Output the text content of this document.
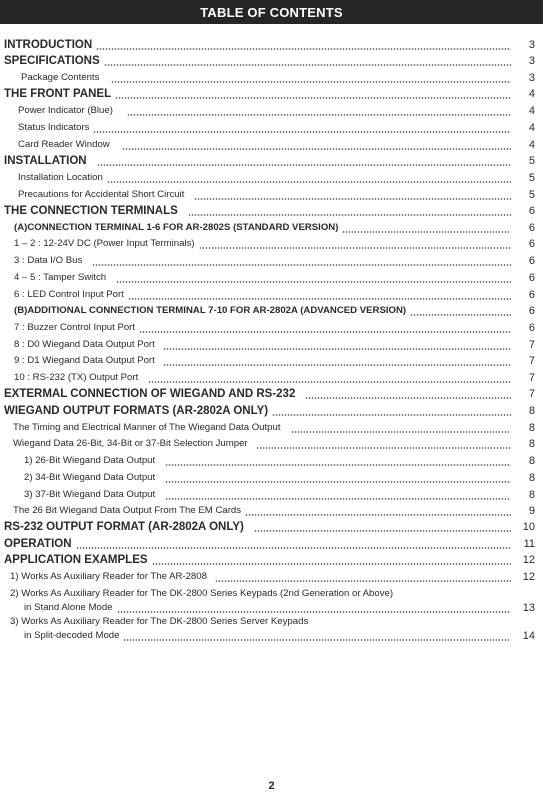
TABLE OF CONTENTS
INTRODUCTION	3
SPECIFICATIONS	3
Package Contents	3
THE FRONT PANEL	4
Power Indicator (Blue)	4
Status Indicators	4
Card Reader Window	4
INSTALLATION	5
Installation Location	5
Precautions for Accidental Short Circuit	5
THE CONNECTION TERMINALS	6
(A)CONNECTION TERMINAL 1-6 FOR AR-2802S (STANDARD VERSION)	6
1 – 2 : 12-24V DC (Power Input Terminals)	6
3 : Data I/O Bus	6
4 – 5 : Tamper Switch	6
6 : LED Control Input Port	6
(B)ADDITIONAL CONNECTION TERMINAL 7-10 FOR AR-2802A (ADVANCED VERSION)	6
7 : Buzzer Control Input Port	6
8 : D0 Wiegand Data Output Port	7
9 : D1 Wiegand Data Output Port	7
10 : RS-232 (TX) Output Port	7
EXTERMAL CONNECTION OF WIEGAND AND RS-232	7
WIEGAND OUTPUT FORMATS (AR-2802A ONLY)	8
The Timing and Electrical Manner of The Wiegand Data Output	8
Wiegand Data 26-Bit, 34-Bit or 37-Bit Selection Jumper	8
1) 26-Bit Wiegand Data Output	8
2) 34-Bit Wiegand Data Output	8
3) 37-Bit Wiegand Data Output	8
The 26 Bit Wiegand Data Output From The EM Cards	9
RS-232 OUTPUT FORMAT (AR-2802A ONLY)	10
OPERATION	11
APPLICATION EXAMPLES	12
1) Works As Auxiliary Reader for The AR-2808	12
2) Works As Auxiliary Reader for The DK-2800 Series Keypads (2nd Generation or Above)
in Stand Alone Mode	13
3) Works As Auxiliary Reader for The DK-2800 Series Server Keypads
in Split-decoded Mode	14
2
